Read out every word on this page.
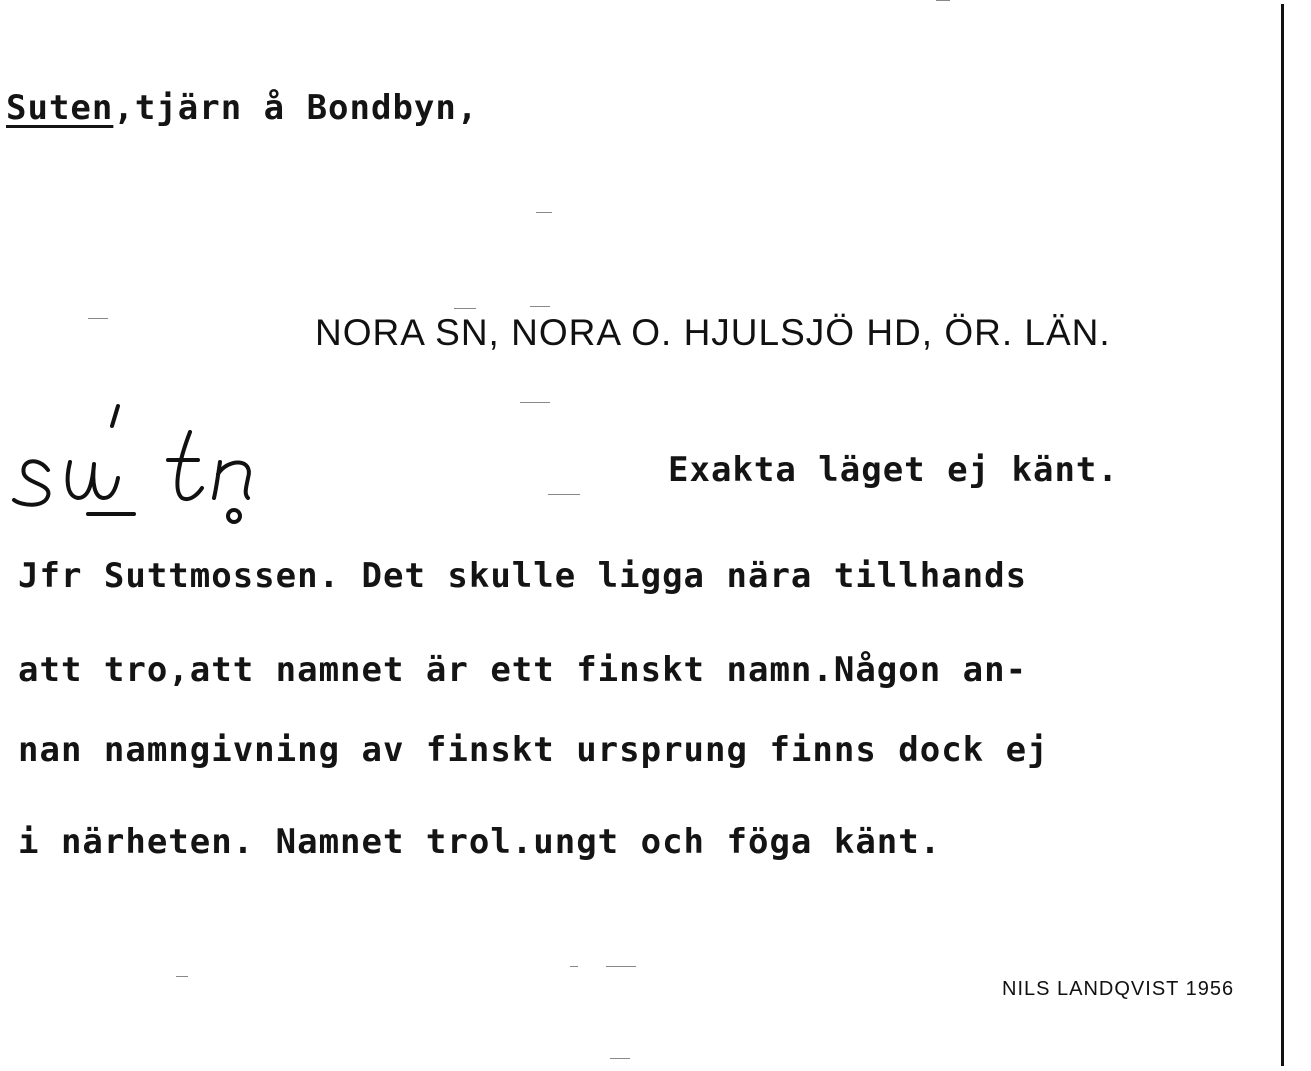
Suten,tjärn å Bondbyn,
NORA SN, NORA O. HJULSJÖ HD, ÖR. LÄN.
Exakta läget ej känt.
Jfr Suttmossen. Det skulle ligga nära tillhands
att tro,att namnet är ett finskt namn.Någon an-
nan namngivning av finskt ursprung finns dock ej
i närheten. Namnet trol.ungt och föga känt.
NILS LANDQVIST 1956
